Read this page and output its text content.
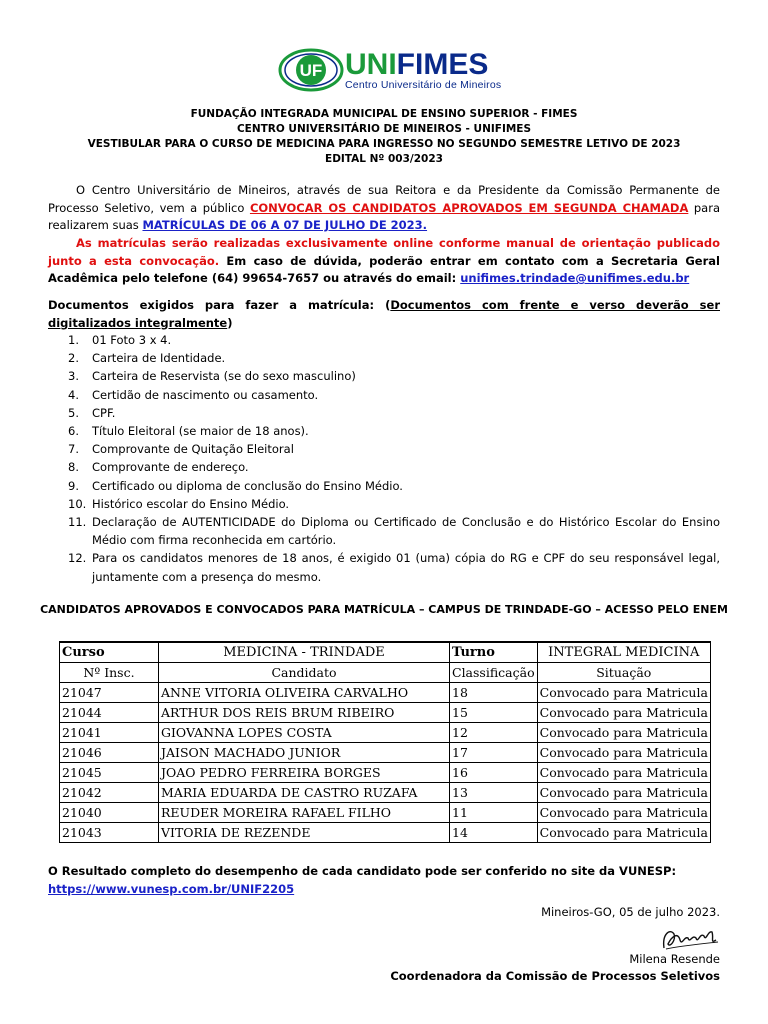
UF UNIFIMES
Centro Universitário de Mineiros
FUNDAÇÃO INTEGRADA MUNICIPAL DE ENSINO SUPERIOR - FIMES
CENTRO UNIVERSITÁRIO DE MINEIROS - UNIFIMES
VESTIBULAR PARA O CURSO DE MEDICINA PARA INGRESSO NO SEGUNDO SEMESTRE LETIVO DE 2023
EDITAL Nº 003/2023
O Centro Universitário de Mineiros, através de sua Reitora e da Presidente da Comissão Permanente de Processo Seletivo, vem a público CONVOCAR OS CANDIDATOS APROVADOS EM SEGUNDA CHAMADA para realizarem suas MATRÍCULAS DE 06 A 07 DE JULHO DE 2023.
As matrículas serão realizadas exclusivamente online conforme manual de orientação publicado junto a esta convocação. Em caso de dúvida, poderão entrar em contato com a Secretaria Geral Acadêmica pelo telefone (64) 99654-7657 ou através do email: unifimes.trindade@unifimes.edu.br
Documentos exigidos para fazer a matrícula: (Documentos com frente e verso deverão ser digitalizados integralmente)
1. 01 Foto 3 x 4.
2. Carteira de Identidade.
3. Carteira de Reservista (se do sexo masculino)
4. Certidão de nascimento ou casamento.
5. CPF.
6. Título Eleitoral (se maior de 18 anos).
7. Comprovante de Quitação Eleitoral
8. Comprovante de endereço.
9. Certificado ou diploma de conclusão do Ensino Médio.
10. Histórico escolar do Ensino Médio.
11. Declaração de AUTENTICIDADE do Diploma ou Certificado de Conclusão e do Histórico Escolar do Ensino Médio com firma reconhecida em cartório.
12. Para os candidatos menores de 18 anos, é exigido 01 (uma) cópia do RG e CPF do seu responsável legal, juntamente com a presença do mesmo.
CANDIDATOS APROVADOS E CONVOCADOS PARA MATRÍCULA – CAMPUS DE TRINDADE-GO – ACESSO PELO ENEM
Curso	MEDICINA - TRINDADE	Turno	INTEGRAL MEDICINA
Nº Insc.	Candidato	Classificação	Situação
21047	ANNE VITORIA OLIVEIRA CARVALHO	18	Convocado para Matricula
21044	ARTHUR DOS REIS BRUM RIBEIRO	15	Convocado para Matricula
21041	GIOVANNA LOPES COSTA	12	Convocado para Matricula
21046	JAISON MACHADO JUNIOR	17	Convocado para Matricula
21045	JOAO PEDRO FERREIRA BORGES	16	Convocado para Matricula
21042	MARIA EDUARDA DE CASTRO RUZAFA	13	Convocado para Matricula
21040	REUDER MOREIRA RAFAEL FILHO	11	Convocado para Matricula
21043	VITORIA DE REZENDE	14	Convocado para Matricula
O Resultado completo do desempenho de cada candidato pode ser conferido no site da VUNESP:
https://www.vunesp.com.br/UNIF2205
Mineiros-GO, 05 de julho 2023.
Milena Resende
Coordenadora da Comissão de Processos Seletivos
